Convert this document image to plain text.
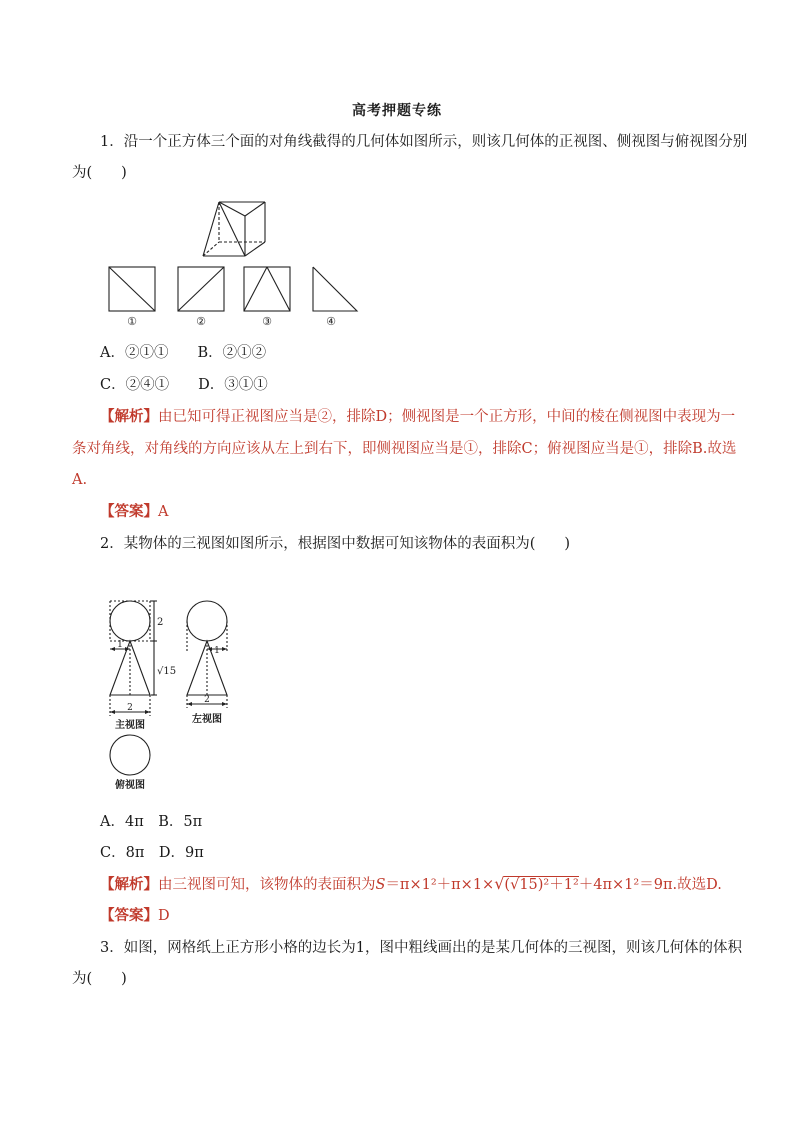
高考押题专练
1．沿一个正方体三个面的对角线截得的几何体如图所示，则该几何体的正视图、侧视图与俯视图分别
为(　　)
①	②	③	④
A．②①①　　B．②①②
C．②④①　　D．③①①
【解析】由已知可得正视图应当是②，排除D；侧视图是一个正方形，中间的棱在侧视图中表现为一
条对角线，对角线的方向应该从左上到右下，即侧视图应当是①，排除C；俯视图应当是①，排除B.故选
A.
【答案】A
2．某物体的三视图如图所示，根据图中数据可知该物体的表面积为(　　)
2
1
√15
2
主视图
1
2
左视图
俯视图
A．4π　B．5π
C．8π　D．9π
【解析】由三视图可知，该物体的表面积为S＝π×1²＋π×1×√(√15)²＋1²＋4π×1²＝9π.故选D.
【答案】D
3．如图，网格纸上正方形小格的边长为1，图中粗线画出的是某几何体的三视图，则该几何体的体积
为(　　)
